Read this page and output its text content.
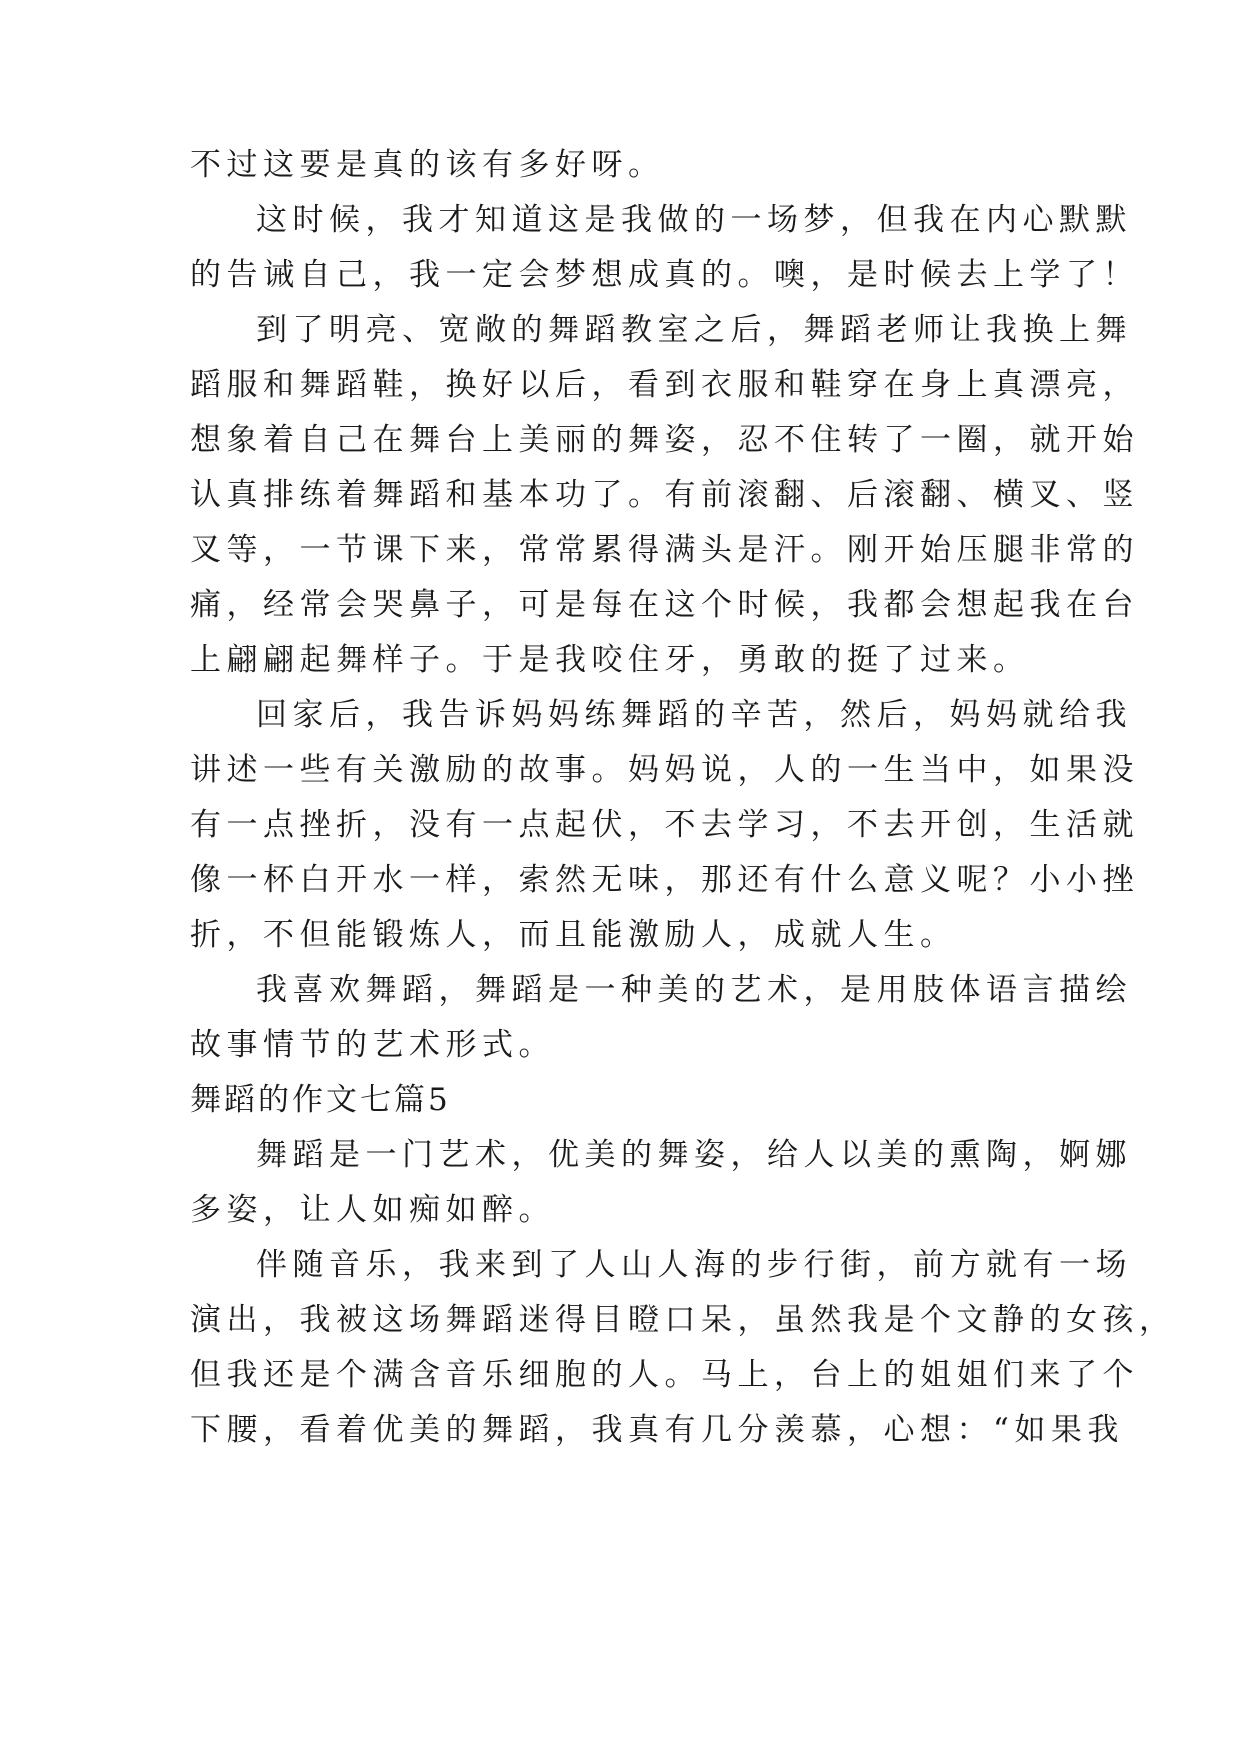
不过这要是真的该有多好呀。
这时候，我才知道这是我做的一场梦，但我在内心默默
的告诫自己，我一定会梦想成真的。噢，是时候去上学了！
到了明亮、宽敞的舞蹈教室之后，舞蹈老师让我换上舞
蹈服和舞蹈鞋，换好以后，看到衣服和鞋穿在身上真漂亮，
想象着自己在舞台上美丽的舞姿，忍不住转了一圈，就开始
认真排练着舞蹈和基本功了。有前滚翻、后滚翻、横叉、竖
叉等，一节课下来，常常累得满头是汗。刚开始压腿非常的
痛，经常会哭鼻子，可是每在这个时候，我都会想起我在台
上翩翩起舞样子。于是我咬住牙，勇敢的挺了过来。
回家后，我告诉妈妈练舞蹈的辛苦，然后，妈妈就给我
讲述一些有关激励的故事。妈妈说，人的一生当中，如果没
有一点挫折，没有一点起伏，不去学习，不去开创，生活就
像一杯白开水一样，索然无味，那还有什么意义呢？小小挫
折，不但能锻炼人，而且能激励人，成就人生。
我喜欢舞蹈，舞蹈是一种美的艺术，是用肢体语言描绘
故事情节的艺术形式。
舞蹈的作文七篇5
舞蹈是一门艺术，优美的舞姿，给人以美的熏陶，婀娜
多姿，让人如痴如醉。
伴随音乐，我来到了人山人海的步行街，前方就有一场
演出，我被这场舞蹈迷得目瞪口呆，虽然我是个文静的女孩，
但我还是个满含音乐细胞的人。马上，台上的姐姐们来了个
下腰，看着优美的舞蹈，我真有几分羡慕，心想：“如果我
